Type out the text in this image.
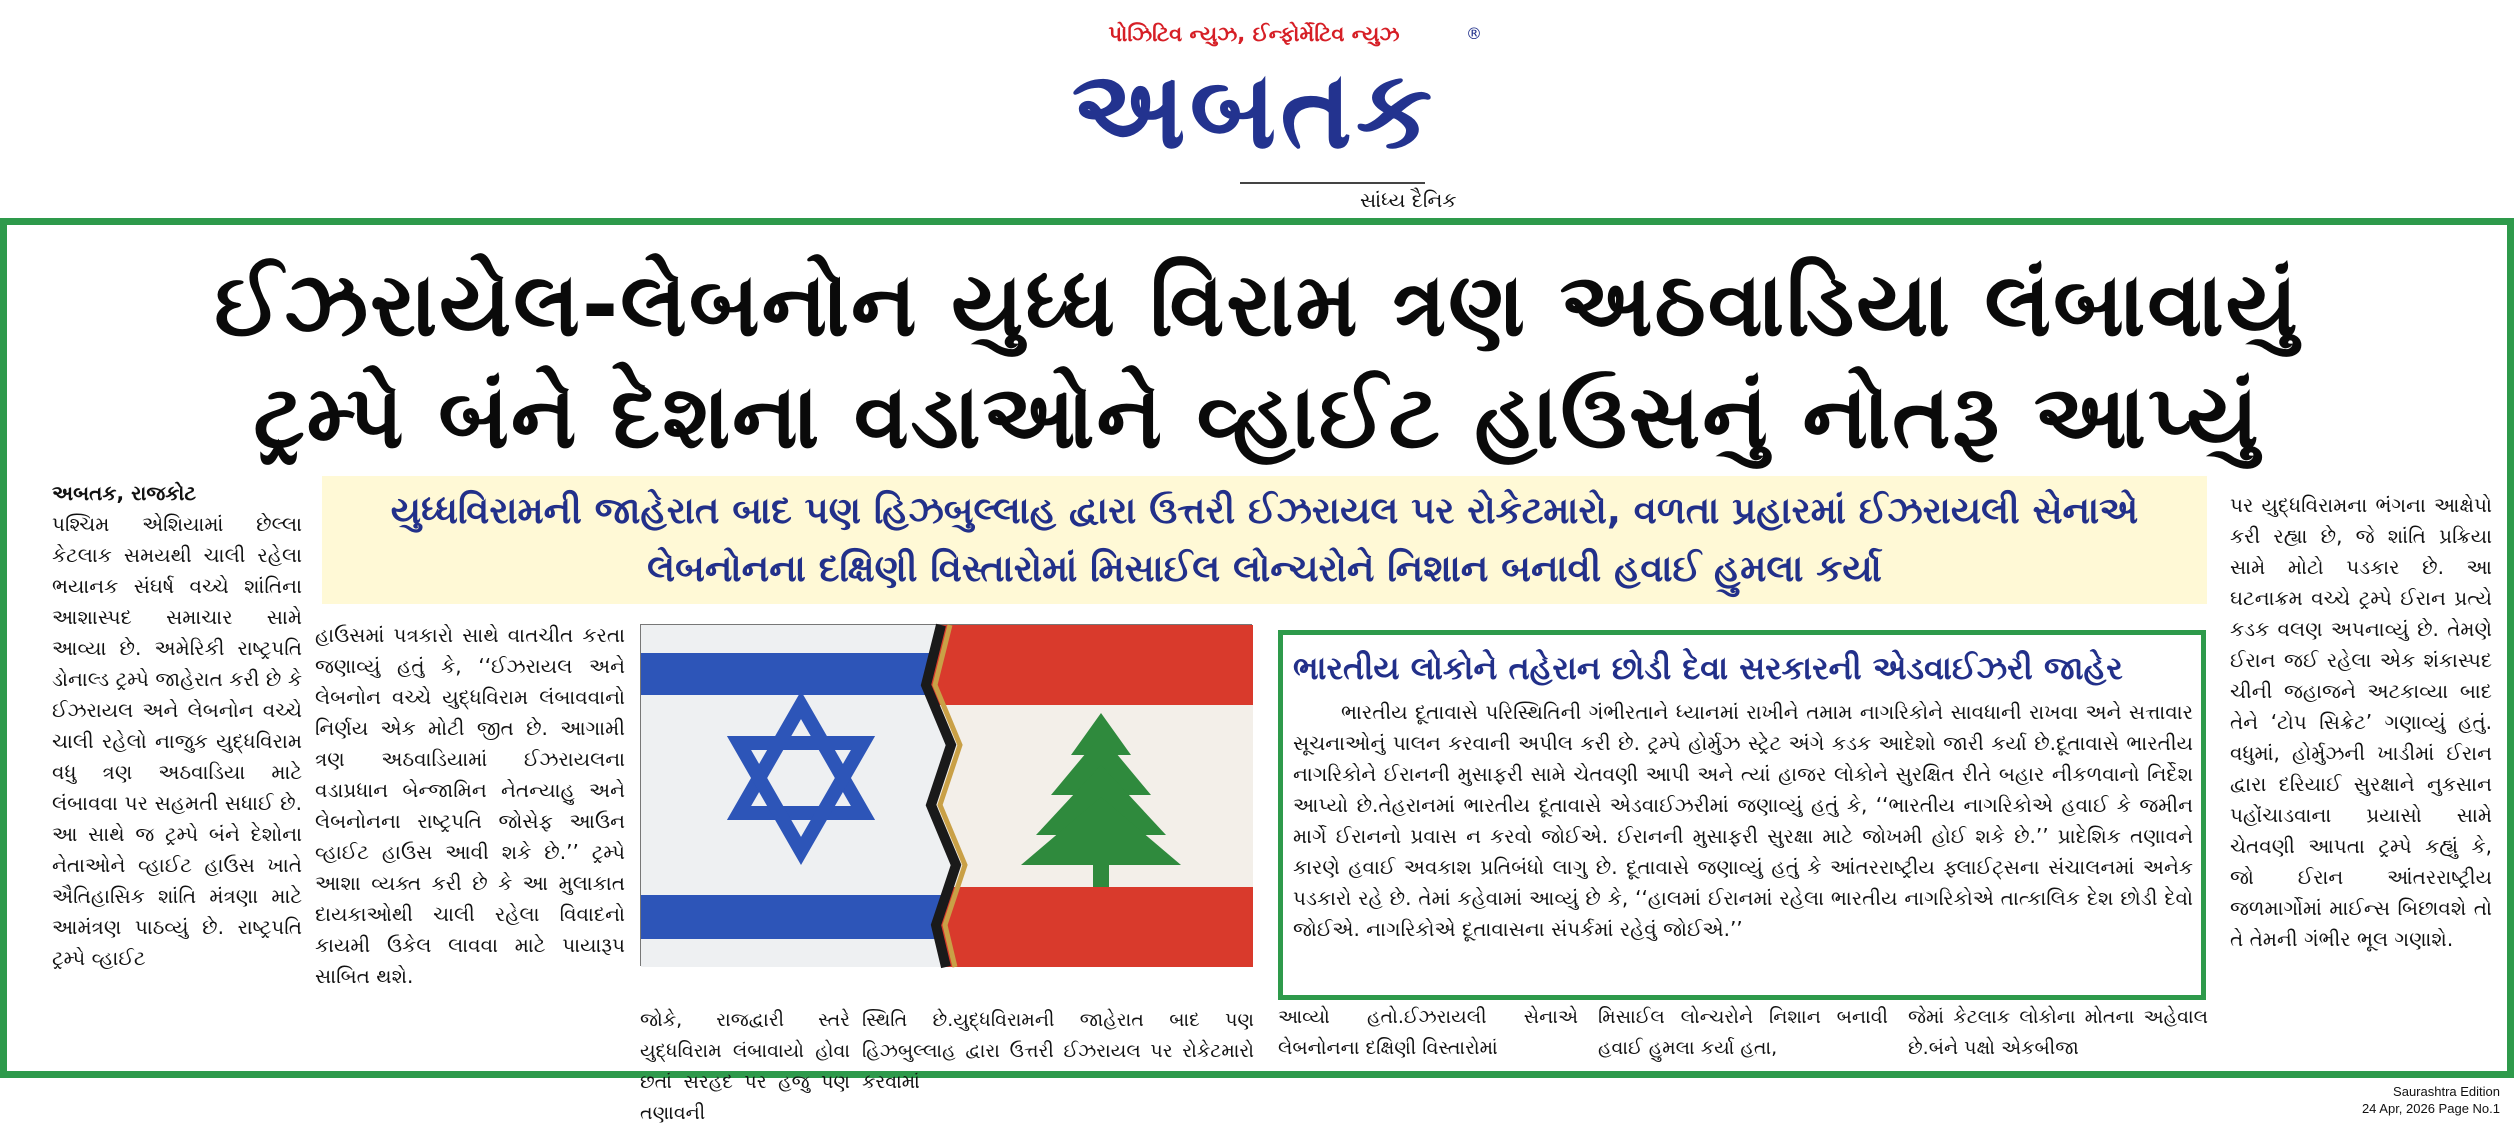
પોઝિટિવ ન્યુઝ, ઈન્ફોર્મેટિવ ન્યુઝ	®
અબતક
સાંધ્ય દૈનિક
ઈઝરાયેલ-લેબનોન યુધ્ધ વિરામ ત્રણ અઠવાડિયા લંબાવાયું
ટ્રમ્પે બંને દેશના વડાઓને વ્હાઈટ હાઉસનું નોતરૂ આપ્યું
અબતક, રાજકોટ
પશ્ચિમ એશિયામાં છેલ્લા કેટલાક સમયથી ચાલી રહેલા ભયાનક સંઘર્ષ વચ્ચે શાંતિના આશાસ્પદ સમાચાર સામે આવ્યા છે. અમેરિકી રાષ્ટ્રપતિ ડોનાલ્ડ ટ્રમ્પે જાહેરાત કરી છે કે ઈઝરાયલ અને લેબનોન વચ્ચે ચાલી રહેલો નાજુક યુદ્ધવિરામ વધુ ત્રણ અઠવાડિયા માટે લંબાવવા પર સહમતી સધાઈ છે. આ સાથે જ ટ્રમ્પે બંને દેશોના નેતાઓને વ્હાઈટ હાઉસ ખાતે ઐતિહાસિક શાંતિ મંત્રણા માટે આમંત્રણ પાઠવ્યું છે. રાષ્ટ્રપતિ ટ્રમ્પે વ્હાઈટ
યુધ્ધવિરામની જાહેરાત બાદ પણ હિઝબુલ્લાહ દ્વારા ઉત્તરી ઈઝરાયલ પર રોકેટમારો, વળતા પ્રહારમાં ઈઝરાયલી સેનાએ લેબનોનના દક્ષિણી વિસ્તારોમાં મિસાઈલ લોન્ચરોને નિશાન બનાવી હવાઈ હુમલા કર્યા
હાઉસમાં પત્રકારો સાથે વાતચીત કરતા જણાવ્યું હતું કે, ‘‘ઈઝરાયલ અને લેબનોન વચ્ચે યુદ્ધવિરામ લંબાવવાનો નિર્ણય એક મોટી જીત છે. આગામી ત્રણ અઠવાડિયામાં ઈઝરાયલના વડાપ્રધાન બેન્જામિન નેતન્યાહુ અને લેબનોનના રાષ્ટ્રપતિ જોસેફ આઉન વ્હાઈટ હાઉસ આવી શકે છે.’’ ટ્રમ્પે આશા વ્યક્ત કરી છે કે આ મુલાકાત દાયકાઓથી ચાલી રહેલા વિવાદનો કાયમી ઉકેલ લાવવા માટે પાયારૂપ સાબિત થશે.
જોકે, રાજદ્વારી સ્તરે યુદ્ધવિરામ લંબાવાયો હોવા છતાં સરહદ પર હજુ પણ તણાવની
સ્થિતિ છે.યુદ્ધવિરામની જાહેરાત બાદ પણ હિઝબુલ્લાહ દ્વારા ઉત્તરી ઈઝરાયલ પર રોકેટમારો કરવામાં
ભારતીય લોકોને તહેરાન છોડી દેવા સરકારની એડવાઈઝરી જાહેર
ભારતીય દૂતાવાસે પરિસ્થિતિની ગંભીરતાને ધ્યાનમાં રાખીને તમામ નાગરિકોને સાવધાની રાખવા અને સત્તાવાર સૂચનાઓનું પાલન કરવાની અપીલ કરી છે. ટ્રમ્પે હોર્મુઝ સ્ટ્રેટ અંગે કડક આદેશો જારી કર્યા છે.દૂતાવાસે ભારતીય નાગરિકોને ઈરાનની મુસાફરી સામે ચેતવણી આપી અને ત્યાં હાજર લોકોને સુરક્ષિત રીતે બહાર નીકળવાનો નિર્દેશ આપ્યો છે.તેહરાનમાં ભારતીય દૂતાવાસે એડવાઈઝરીમાં જણાવ્યું હતું કે, ‘‘ભારતીય નાગરિકોએ હવાઈ કે જમીન માર્ગે ઈરાનનો પ્રવાસ ન કરવો જોઈએ. ઈરાનની મુસાફરી સુરક્ષા માટે જોખમી હોઈ શકે છે.’’ પ્રાદેશિક તણાવને કારણે હવાઈ અવકાશ પ્રતિબંધો લાગુ છે. દૂતાવાસે જણાવ્યું હતું કે આંતરરાષ્ટ્રીય ફ્લાઈટ્સના સંચાલનમાં અનેક પડકારો રહે છે. તેમાં કહેવામાં આવ્યું છે કે, ‘‘હાલમાં ઈરાનમાં રહેલા ભારતીય નાગરિકોએ તાત્કાલિક દેશ છોડી દેવો જોઈએ. નાગરિકોએ દૂતાવાસના સંપર્કમાં રહેવું જોઈએ.’’
આવ્યો હતો.ઈઝરાયલી સેનાએ લેબનોનના દક્ષિણી વિસ્તારોમાં
મિસાઈલ લોન્ચરોને નિશાન બનાવી હવાઈ હુમલા કર્યા હતા,
જેમાં કેટલાક લોકોના મોતના અહેવાલ છે.બંને પક્ષો એકબીજા
પર યુદ્ધવિરામના ભંગના આક્ષેપો કરી રહ્યા છે, જે શાંતિ પ્રક્રિયા સામે મોટો પડકાર છે. આ ઘટનાક્રમ વચ્ચે ટ્રમ્પે ઈરાન પ્રત્યે કડક વલણ અપનાવ્યું છે. તેમણે ઈરાન જઈ રહેલા એક શંકાસ્પદ ચીની જહાજને અટકાવ્યા બાદ તેને ‘ટોપ સિક્રેટ’ ગણાવ્યું હતું. વધુમાં, હોર્મુઝની ખાડીમાં ઈરાન દ્વારા દરિયાઈ સુરક્ષાને નુકસાન પહોંચાડવાના પ્રયાસો સામે ચેતવણી આપતા ટ્રમ્પે કહ્યું કે, જો ઈરાન આંતરરાષ્ટ્રીય જળમાર્ગોમાં માઈન્સ બિછાવશે તો તે તેમની ગંભીર ભૂલ ગણાશે.
Saurashtra Edition
24 Apr, 2026 Page No.1
